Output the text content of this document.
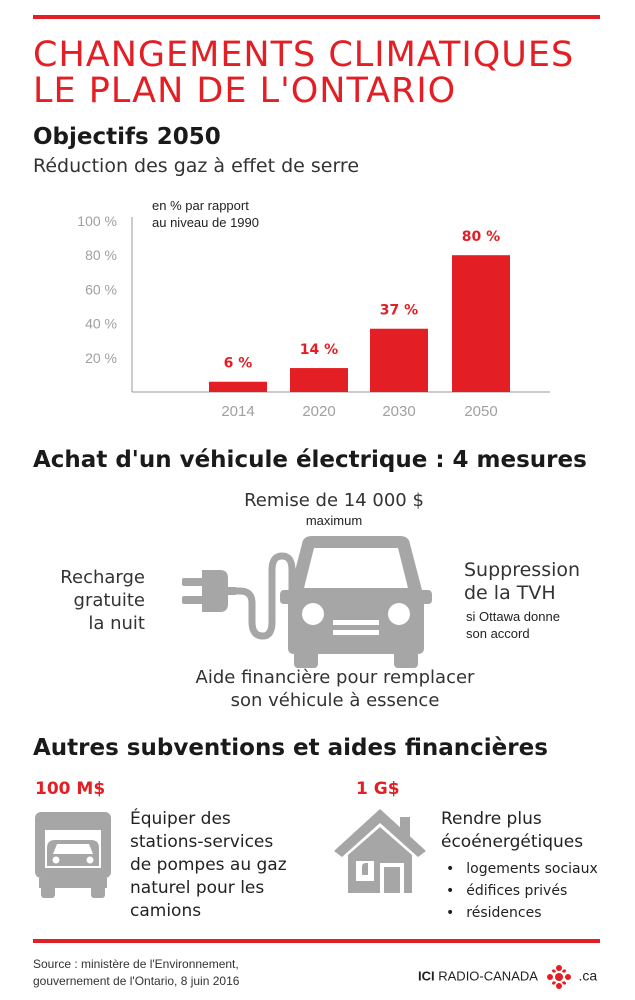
CHANGEMENTS CLIMATIQUES
LE PLAN DE L'ONTARIO
Objectifs 2050
Réduction des gaz à effet de serre
20 %
40 %
60 %
80 %
100 %
6 %
2014
14 %
2020
37 %
2030
80 %
2050
en % par rapport
au niveau de 1990
Achat d'un véhicule électrique : 4 mesures
Remise de 14 000 $
maximum
Recharge
gratuite
la nuit
Suppression
de la TVH
si Ottawa donne
son accord
Aide financière pour remplacer
son véhicule à essence
Autres subventions et aides financières
100 M$
Équiper des
stations-services
de pompes au gaz
naturel pour les
camions
1 G$
Rendre plus
écoénergétiques
• logements sociaux
• édifices privés
• résidences
Source : ministère de l'Environnement,
gouvernement de l'Ontario, 8 juin 2016	ICI RADIO-CANADA	.ca
